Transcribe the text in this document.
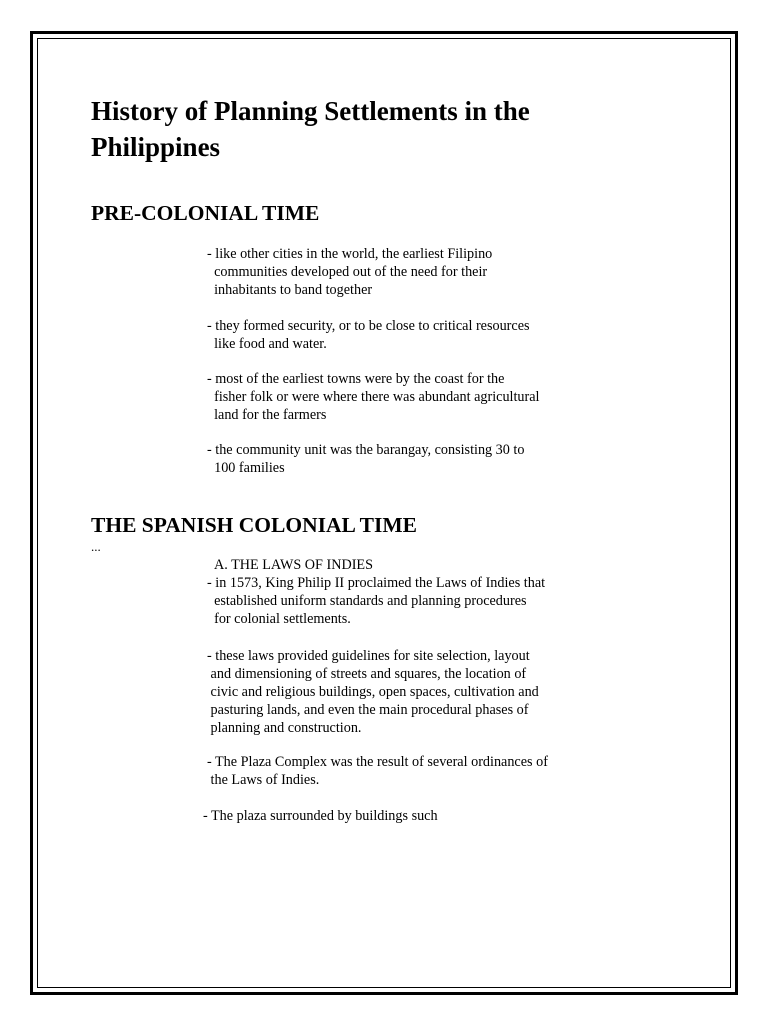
History of Planning Settlements in the Philippines
PRE-COLONIAL TIME

- like other cities in the world, the earliest Filipino
communities developed out of the need for their
inhabitants to band together

- they formed security, or to be close to critical resources
like food and water.

- most of the earliest towns were by the coast for the
fisher folk or were where there was abundant agricultural
land for the farmers

- the community unit was the barangay, consisting 30 to
100 families

THE SPANISH COLONIAL TIME
...

A. THE LAWS OF INDIES

- in 1573, King Philip II proclaimed the Laws of Indies that
established uniform standards and planning procedures
for colonial settlements.

- these laws provided guidelines for site selection, layout
and dimensioning of streets and squares, the location of
civic and religious buildings, open spaces, cultivation and
pasturing lands, and even the main procedural phases of
planning and construction.

- The Plaza Complex was the result of several ordinances of
the Laws of Indies.

- The plaza surrounded by buildings such
